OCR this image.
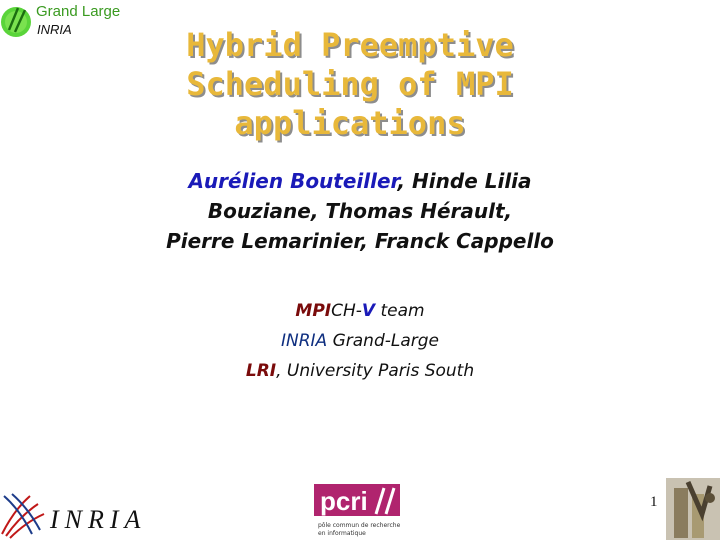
Grand Large
INRIA	Hybrid Preemptive
Scheduling of MPI
applications
Aurélien Bouteiller, Hinde Lilia
Bouziane, Thomas Hérault,
Pierre Lemarinier, Franck Cappello
MPICH-V team
INRIA Grand-Large
LRI, University Paris South
INRIA
pcri
pôle commun de recherche
en informatique
1
